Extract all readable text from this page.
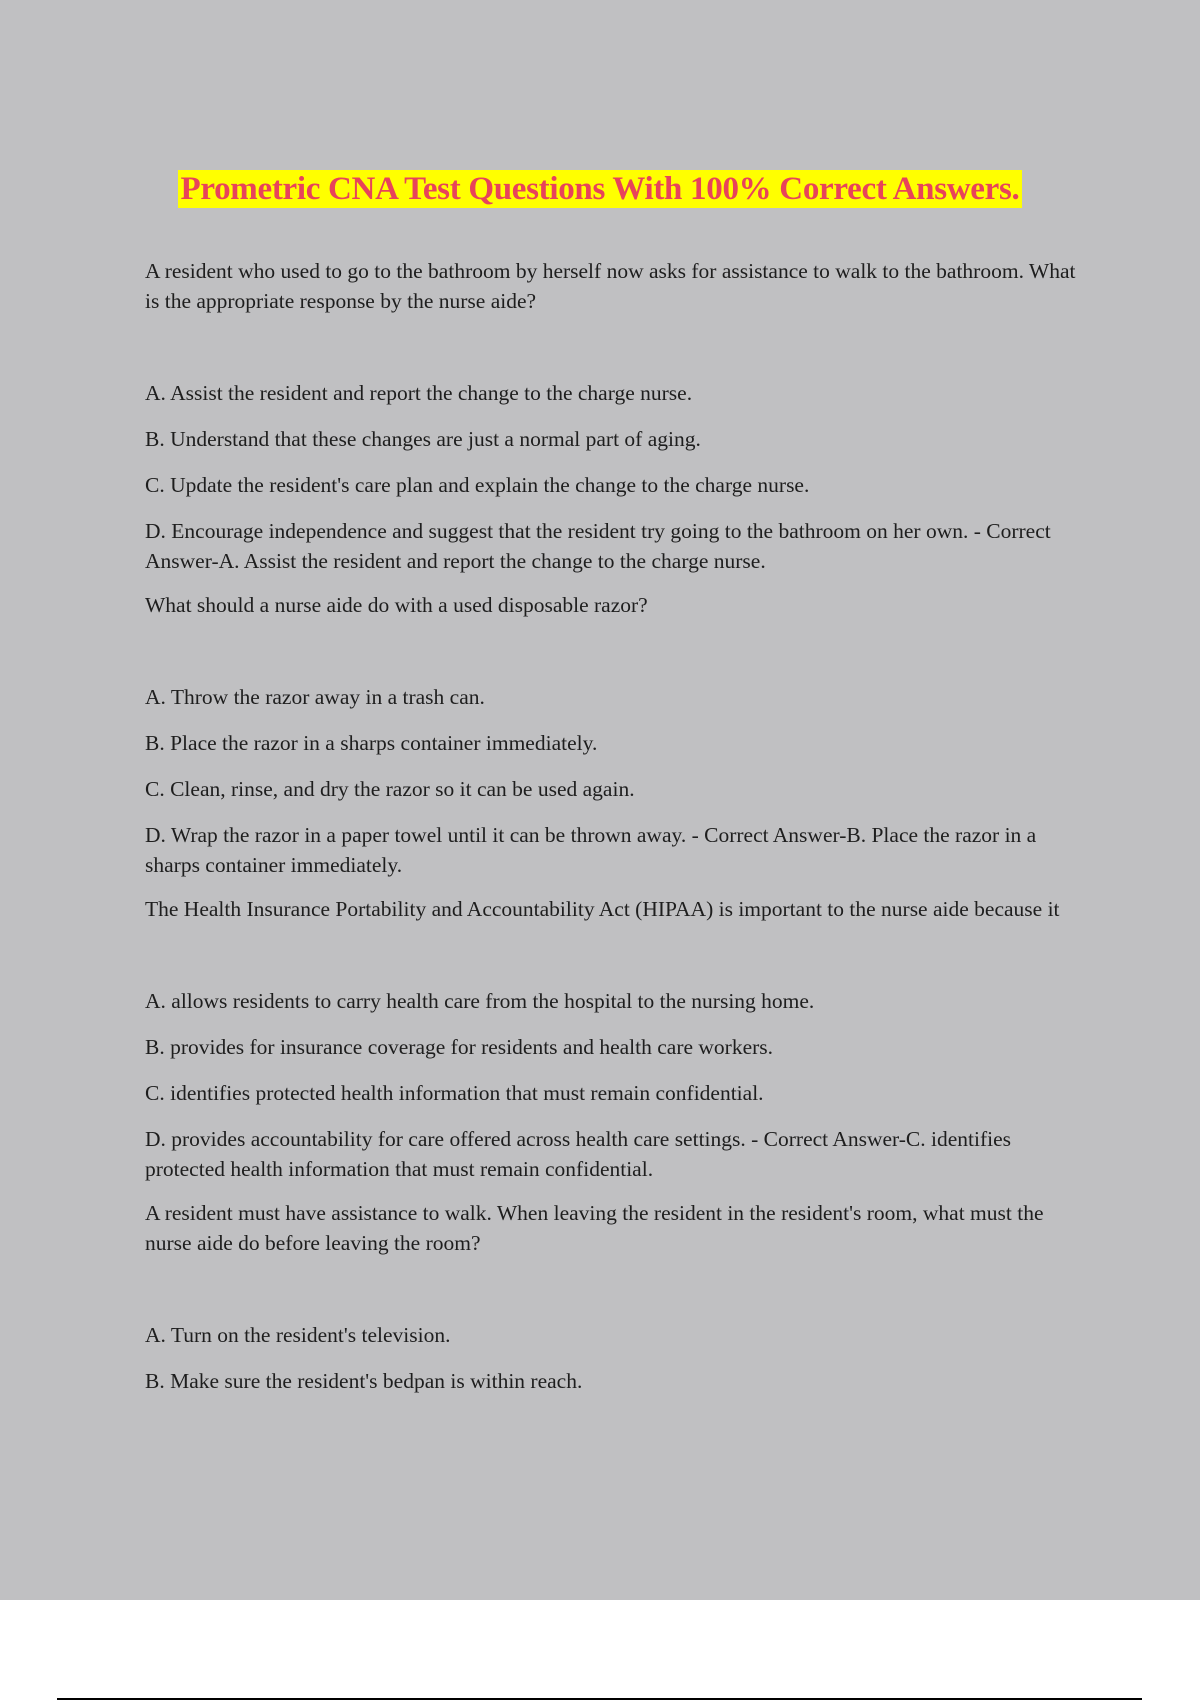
Prometric CNA Test Questions With 100% Correct Answers.

A resident who used to go to the bathroom by herself now asks for assistance to walk to the bathroom. What is the appropriate response by the nurse aide?

A. Assist the resident and report the change to the charge nurse.

B. Understand that these changes are just a normal part of aging.

C. Update the resident's care plan and explain the change to the charge nurse.

D. Encourage independence and suggest that the resident try going to the bathroom on her own. - Correct Answer-A. Assist the resident and report the change to the charge nurse.

What should a nurse aide do with a used disposable razor?

A. Throw the razor away in a trash can.

B. Place the razor in a sharps container immediately.

C. Clean, rinse, and dry the razor so it can be used again.

D. Wrap the razor in a paper towel until it can be thrown away. - Correct Answer-B. Place the razor in a sharps container immediately.

The Health Insurance Portability and Accountability Act (HIPAA) is important to the nurse aide because it

A. allows residents to carry health care from the hospital to the nursing home.

B. provides for insurance coverage for residents and health care workers.

C. identifies protected health information that must remain confidential.

D. provides accountability for care offered across health care settings. - Correct Answer-C. identifies protected health information that must remain confidential.

A resident must have assistance to walk. When leaving the resident in the resident's room, what must the nurse aide do before leaving the room?

A. Turn on the resident's television.

B. Make sure the resident's bedpan is within reach.
